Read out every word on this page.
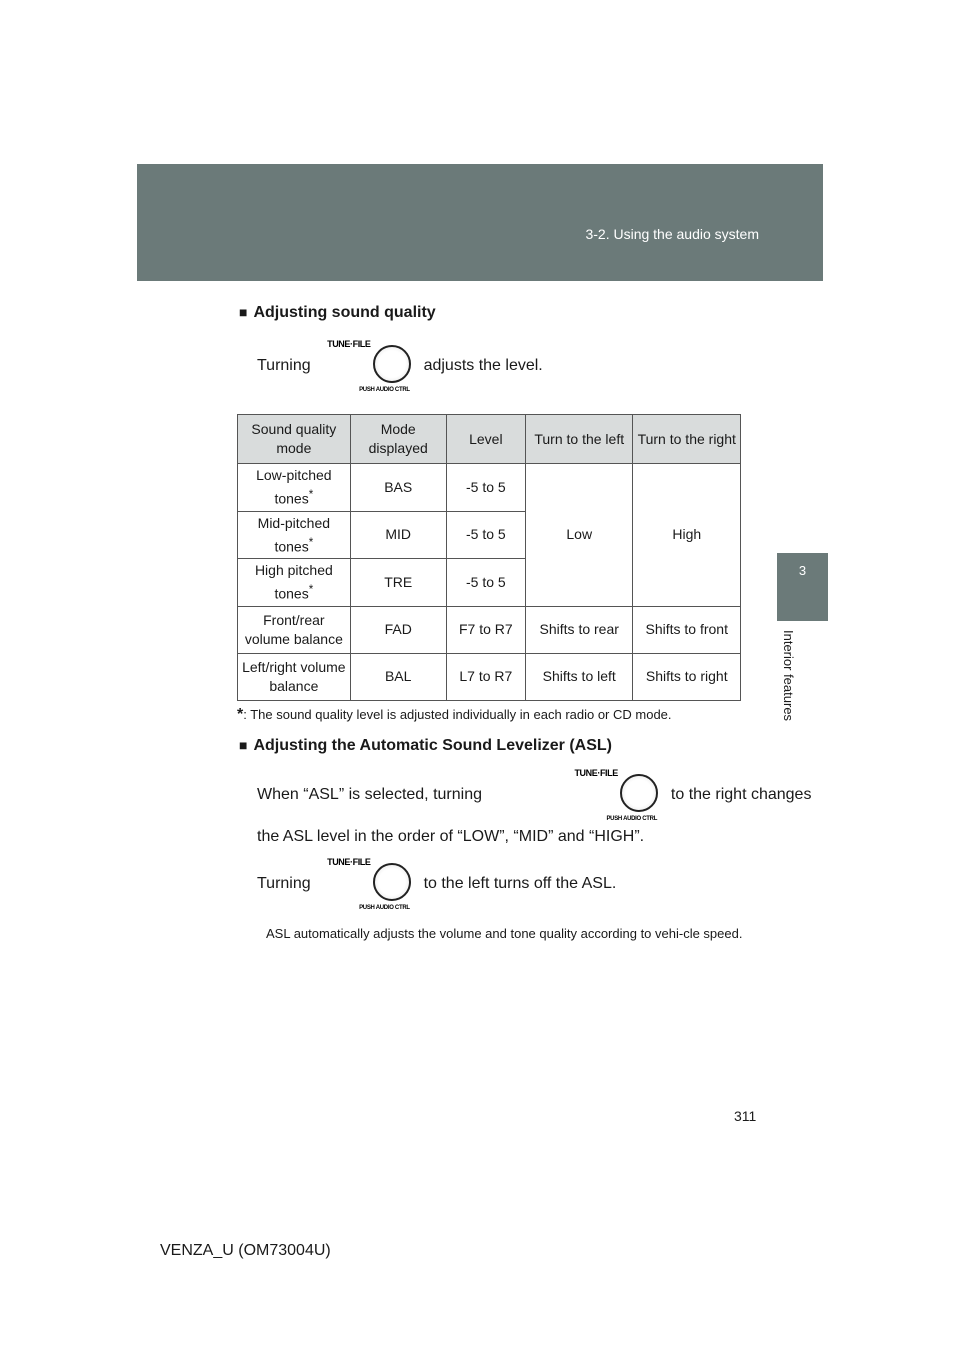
3-2. Using the audio system
3
Interior features
■ Adjusting sound quality
Turning
TUNE·FILE
PUSH AUDIO CTRL
adjusts the level.
Sound quality mode	Mode displayed	Level	Turn to the left	Turn to the right
Low-pitched tones*	BAS	-5 to 5	Low	High
Mid-pitched tones*	MID	-5 to 5		
High pitched tones*	TRE	-5 to 5		
Front/rear volume balance	FAD	F7 to R7	Shifts to rear	Shifts to front
Left/right volume balance	BAL	L7 to R7	Shifts to left	Shifts to right
*: The sound quality level is adjusted individually in each radio or CD mode.
■ Adjusting the Automatic Sound Levelizer (ASL)
When “ASL” is selected, turning
TUNE·FILE
PUSH AUDIO CTRL
to the right changes
the ASL level in the order of “LOW”, “MID” and “HIGH”.
Turning
TUNE·FILE
PUSH AUDIO CTRL
to the left turns off the ASL.
ASL automatically adjusts the volume and tone quality according to vehi-cle speed.
311
VENZA_U (OM73004U)
